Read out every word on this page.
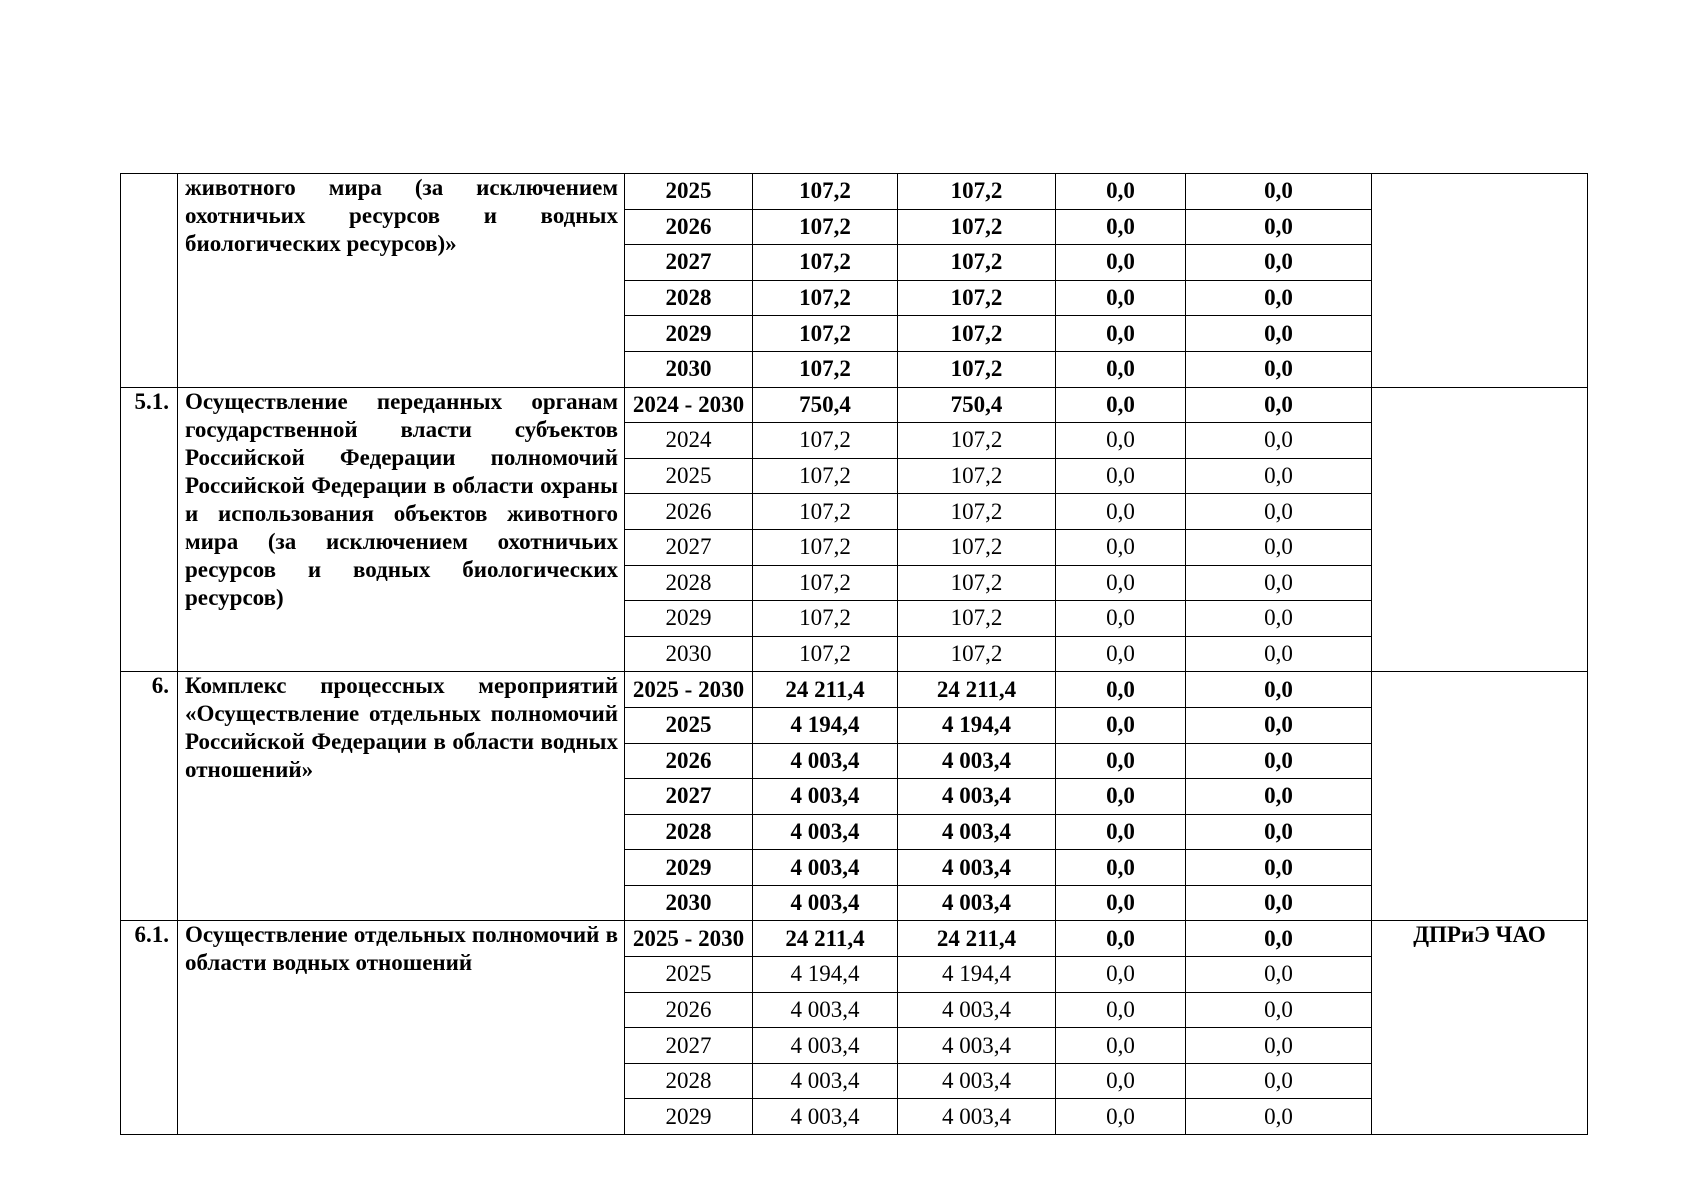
	животного мира (за исключением охотничьих ресурсов и водных биологических ресурсов)»	2025	107,2	107,2	0,0	0,0	
		2026	107,2	107,2	0,0	0,0	
		2027	107,2	107,2	0,0	0,0	
		2028	107,2	107,2	0,0	0,0	
		2029	107,2	107,2	0,0	0,0	
		2030	107,2	107,2	0,0	0,0	
5.1.	Осуществление переданных органам государственной власти субъектов Российской Федерации полномочий Российской Федерации в области охраны и использования объектов животного мира (за исключением охотничьих ресурсов и водных биологических ресурсов)	2024 - 2030	750,4	750,4	0,0	0,0	
		2024	107,2	107,2	0,0	0,0	
		2025	107,2	107,2	0,0	0,0	
		2026	107,2	107,2	0,0	0,0	
		2027	107,2	107,2	0,0	0,0	
		2028	107,2	107,2	0,0	0,0	
		2029	107,2	107,2	0,0	0,0	
		2030	107,2	107,2	0,0	0,0	
6.	Комплекс процессных мероприятий «Осуществление отдельных полномочий Российской Федерации в области водных отношений»	2025 - 2030	24 211,4	24 211,4	0,0	0,0	
		2025	4 194,4	4 194,4	0,0	0,0	
		2026	4 003,4	4 003,4	0,0	0,0	
		2027	4 003,4	4 003,4	0,0	0,0	
		2028	4 003,4	4 003,4	0,0	0,0	
		2029	4 003,4	4 003,4	0,0	0,0	
		2030	4 003,4	4 003,4	0,0	0,0	
6.1.	Осуществление отдельных полномочий в области водных отношений	2025 - 2030	24 211,4	24 211,4	0,0	0,0	ДПРиЭ ЧАО
		2025	4 194,4	4 194,4	0,0	0,0	
		2026	4 003,4	4 003,4	0,0	0,0	
		2027	4 003,4	4 003,4	0,0	0,0	
		2028	4 003,4	4 003,4	0,0	0,0	
		2029	4 003,4	4 003,4	0,0	0,0	
